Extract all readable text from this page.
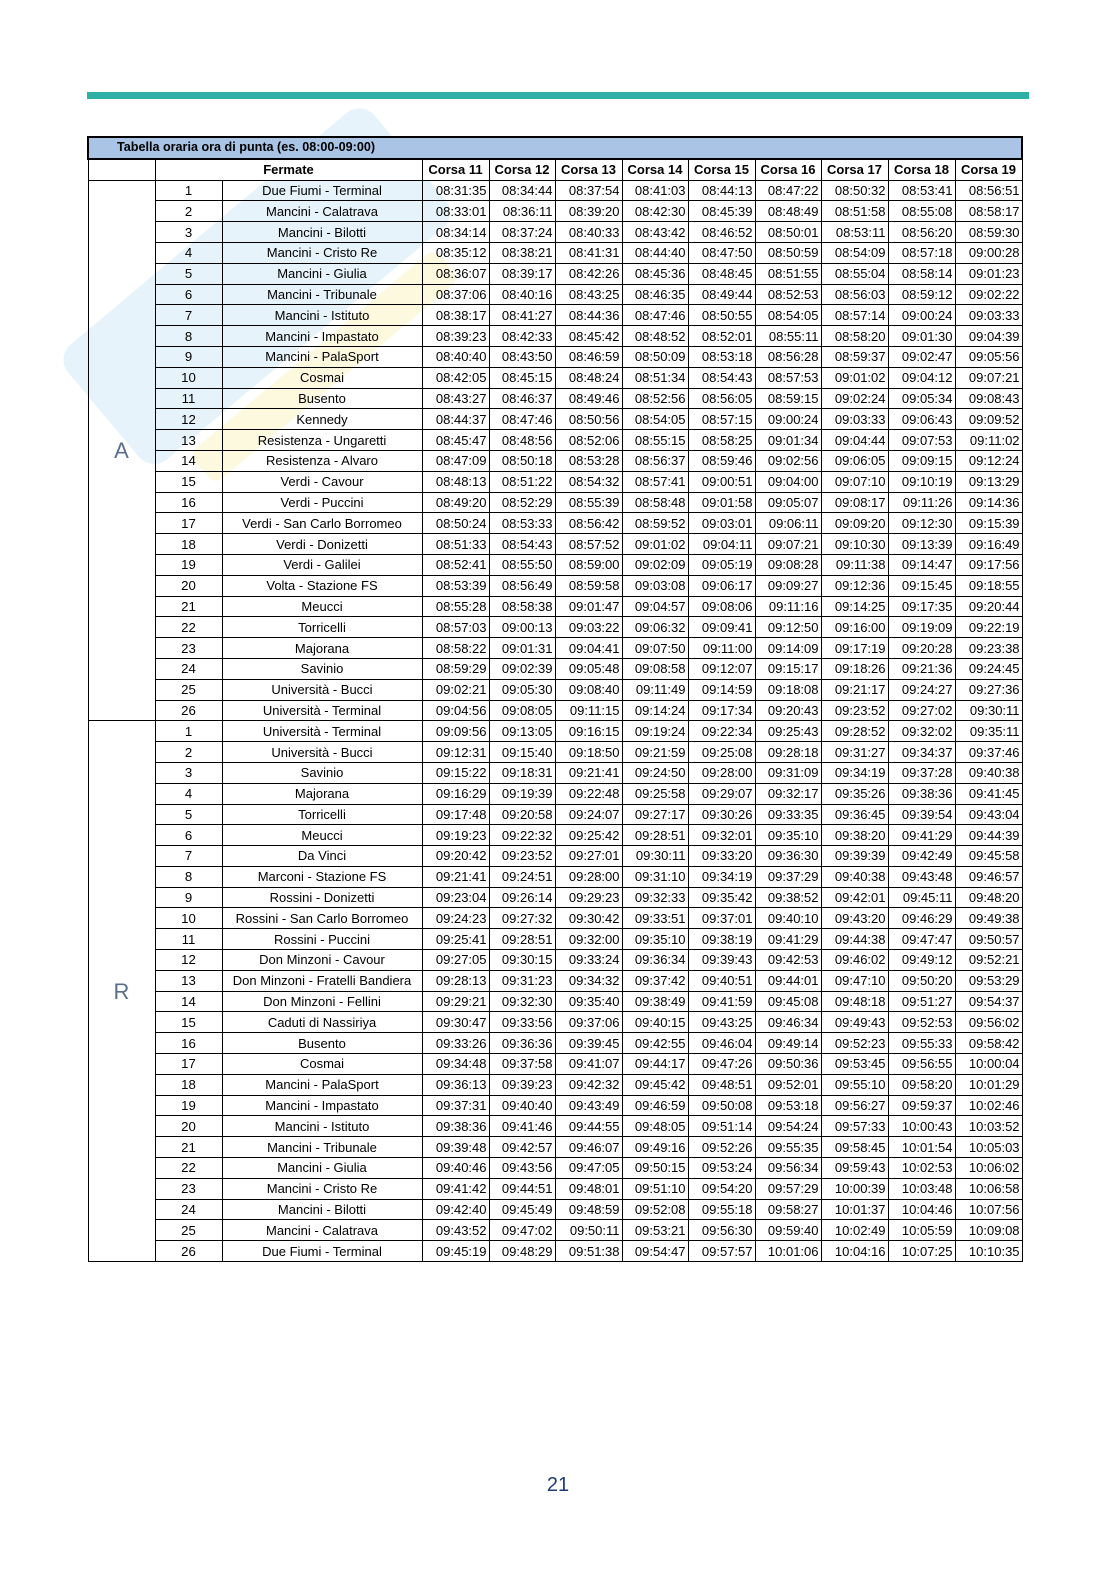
Tabella oraria ora di punta (es. 08:00-09:00)											
	Fermate		Corsa 11	Corsa 12	Corsa 13	Corsa 14	Corsa 15	Corsa 16	Corsa 17	Corsa 18	Corsa 19
A	1	Due Fiumi - Terminal	08:31:35	08:34:44	08:37:54	08:41:03	08:44:13	08:47:22	08:50:32	08:53:41	08:56:51
	2	Mancini - Calatrava	08:33:01	08:36:11	08:39:20	08:42:30	08:45:39	08:48:49	08:51:58	08:55:08	08:58:17
	3	Mancini - Bilotti	08:34:14	08:37:24	08:40:33	08:43:42	08:46:52	08:50:01	08:53:11	08:56:20	08:59:30
	4	Mancini - Cristo Re	08:35:12	08:38:21	08:41:31	08:44:40	08:47:50	08:50:59	08:54:09	08:57:18	09:00:28
	5	Mancini - Giulia	08:36:07	08:39:17	08:42:26	08:45:36	08:48:45	08:51:55	08:55:04	08:58:14	09:01:23
	6	Mancini - Tribunale	08:37:06	08:40:16	08:43:25	08:46:35	08:49:44	08:52:53	08:56:03	08:59:12	09:02:22
	7	Mancini - Istituto	08:38:17	08:41:27	08:44:36	08:47:46	08:50:55	08:54:05	08:57:14	09:00:24	09:03:33
	8	Mancini - Impastato	08:39:23	08:42:33	08:45:42	08:48:52	08:52:01	08:55:11	08:58:20	09:01:30	09:04:39
	9	Mancini - PalaSport	08:40:40	08:43:50	08:46:59	08:50:09	08:53:18	08:56:28	08:59:37	09:02:47	09:05:56
	10	Cosmai	08:42:05	08:45:15	08:48:24	08:51:34	08:54:43	08:57:53	09:01:02	09:04:12	09:07:21
	11	Busento	08:43:27	08:46:37	08:49:46	08:52:56	08:56:05	08:59:15	09:02:24	09:05:34	09:08:43
	12	Kennedy	08:44:37	08:47:46	08:50:56	08:54:05	08:57:15	09:00:24	09:03:33	09:06:43	09:09:52
	13	Resistenza - Ungaretti	08:45:47	08:48:56	08:52:06	08:55:15	08:58:25	09:01:34	09:04:44	09:07:53	09:11:02
	14	Resistenza - Alvaro	08:47:09	08:50:18	08:53:28	08:56:37	08:59:46	09:02:56	09:06:05	09:09:15	09:12:24
	15	Verdi - Cavour	08:48:13	08:51:22	08:54:32	08:57:41	09:00:51	09:04:00	09:07:10	09:10:19	09:13:29
	16	Verdi - Puccini	08:49:20	08:52:29	08:55:39	08:58:48	09:01:58	09:05:07	09:08:17	09:11:26	09:14:36
	17	Verdi - San Carlo Borromeo	08:50:24	08:53:33	08:56:42	08:59:52	09:03:01	09:06:11	09:09:20	09:12:30	09:15:39
	18	Verdi - Donizetti	08:51:33	08:54:43	08:57:52	09:01:02	09:04:11	09:07:21	09:10:30	09:13:39	09:16:49
	19	Verdi - Galilei	08:52:41	08:55:50	08:59:00	09:02:09	09:05:19	09:08:28	09:11:38	09:14:47	09:17:56
	20	Volta - Stazione FS	08:53:39	08:56:49	08:59:58	09:03:08	09:06:17	09:09:27	09:12:36	09:15:45	09:18:55
	21	Meucci	08:55:28	08:58:38	09:01:47	09:04:57	09:08:06	09:11:16	09:14:25	09:17:35	09:20:44
	22	Torricelli	08:57:03	09:00:13	09:03:22	09:06:32	09:09:41	09:12:50	09:16:00	09:19:09	09:22:19
	23	Majorana	08:58:22	09:01:31	09:04:41	09:07:50	09:11:00	09:14:09	09:17:19	09:20:28	09:23:38
	24	Savinio	08:59:29	09:02:39	09:05:48	09:08:58	09:12:07	09:15:17	09:18:26	09:21:36	09:24:45
	25	Università - Bucci	09:02:21	09:05:30	09:08:40	09:11:49	09:14:59	09:18:08	09:21:17	09:24:27	09:27:36
	26	Università - Terminal	09:04:56	09:08:05	09:11:15	09:14:24	09:17:34	09:20:43	09:23:52	09:27:02	09:30:11
R	1	Università - Terminal	09:09:56	09:13:05	09:16:15	09:19:24	09:22:34	09:25:43	09:28:52	09:32:02	09:35:11
	2	Università - Bucci	09:12:31	09:15:40	09:18:50	09:21:59	09:25:08	09:28:18	09:31:27	09:34:37	09:37:46
	3	Savinio	09:15:22	09:18:31	09:21:41	09:24:50	09:28:00	09:31:09	09:34:19	09:37:28	09:40:38
	4	Majorana	09:16:29	09:19:39	09:22:48	09:25:58	09:29:07	09:32:17	09:35:26	09:38:36	09:41:45
	5	Torricelli	09:17:48	09:20:58	09:24:07	09:27:17	09:30:26	09:33:35	09:36:45	09:39:54	09:43:04
	6	Meucci	09:19:23	09:22:32	09:25:42	09:28:51	09:32:01	09:35:10	09:38:20	09:41:29	09:44:39
	7	Da Vinci	09:20:42	09:23:52	09:27:01	09:30:11	09:33:20	09:36:30	09:39:39	09:42:49	09:45:58
	8	Marconi - Stazione FS	09:21:41	09:24:51	09:28:00	09:31:10	09:34:19	09:37:29	09:40:38	09:43:48	09:46:57
	9	Rossini - Donizetti	09:23:04	09:26:14	09:29:23	09:32:33	09:35:42	09:38:52	09:42:01	09:45:11	09:48:20
	10	Rossini - San Carlo Borromeo	09:24:23	09:27:32	09:30:42	09:33:51	09:37:01	09:40:10	09:43:20	09:46:29	09:49:38
	11	Rossini - Puccini	09:25:41	09:28:51	09:32:00	09:35:10	09:38:19	09:41:29	09:44:38	09:47:47	09:50:57
	12	Don Minzoni - Cavour	09:27:05	09:30:15	09:33:24	09:36:34	09:39:43	09:42:53	09:46:02	09:49:12	09:52:21
	13	Don Minzoni - Fratelli Bandiera	09:28:13	09:31:23	09:34:32	09:37:42	09:40:51	09:44:01	09:47:10	09:50:20	09:53:29
	14	Don Minzoni - Fellini	09:29:21	09:32:30	09:35:40	09:38:49	09:41:59	09:45:08	09:48:18	09:51:27	09:54:37
	15	Caduti di Nassiriya	09:30:47	09:33:56	09:37:06	09:40:15	09:43:25	09:46:34	09:49:43	09:52:53	09:56:02
	16	Busento	09:33:26	09:36:36	09:39:45	09:42:55	09:46:04	09:49:14	09:52:23	09:55:33	09:58:42
	17	Cosmai	09:34:48	09:37:58	09:41:07	09:44:17	09:47:26	09:50:36	09:53:45	09:56:55	10:00:04
	18	Mancini - PalaSport	09:36:13	09:39:23	09:42:32	09:45:42	09:48:51	09:52:01	09:55:10	09:58:20	10:01:29
	19	Mancini - Impastato	09:37:31	09:40:40	09:43:49	09:46:59	09:50:08	09:53:18	09:56:27	09:59:37	10:02:46
	20	Mancini - Istituto	09:38:36	09:41:46	09:44:55	09:48:05	09:51:14	09:54:24	09:57:33	10:00:43	10:03:52
	21	Mancini - Tribunale	09:39:48	09:42:57	09:46:07	09:49:16	09:52:26	09:55:35	09:58:45	10:01:54	10:05:03
	22	Mancini - Giulia	09:40:46	09:43:56	09:47:05	09:50:15	09:53:24	09:56:34	09:59:43	10:02:53	10:06:02
	23	Mancini - Cristo Re	09:41:42	09:44:51	09:48:01	09:51:10	09:54:20	09:57:29	10:00:39	10:03:48	10:06:58
	24	Mancini - Bilotti	09:42:40	09:45:49	09:48:59	09:52:08	09:55:18	09:58:27	10:01:37	10:04:46	10:07:56
	25	Mancini - Calatrava	09:43:52	09:47:02	09:50:11	09:53:21	09:56:30	09:59:40	10:02:49	10:05:59	10:09:08
	26	Due Fiumi - Terminal	09:45:19	09:48:29	09:51:38	09:54:47	09:57:57	10:01:06	10:04:16	10:07:25	10:10:35
21
